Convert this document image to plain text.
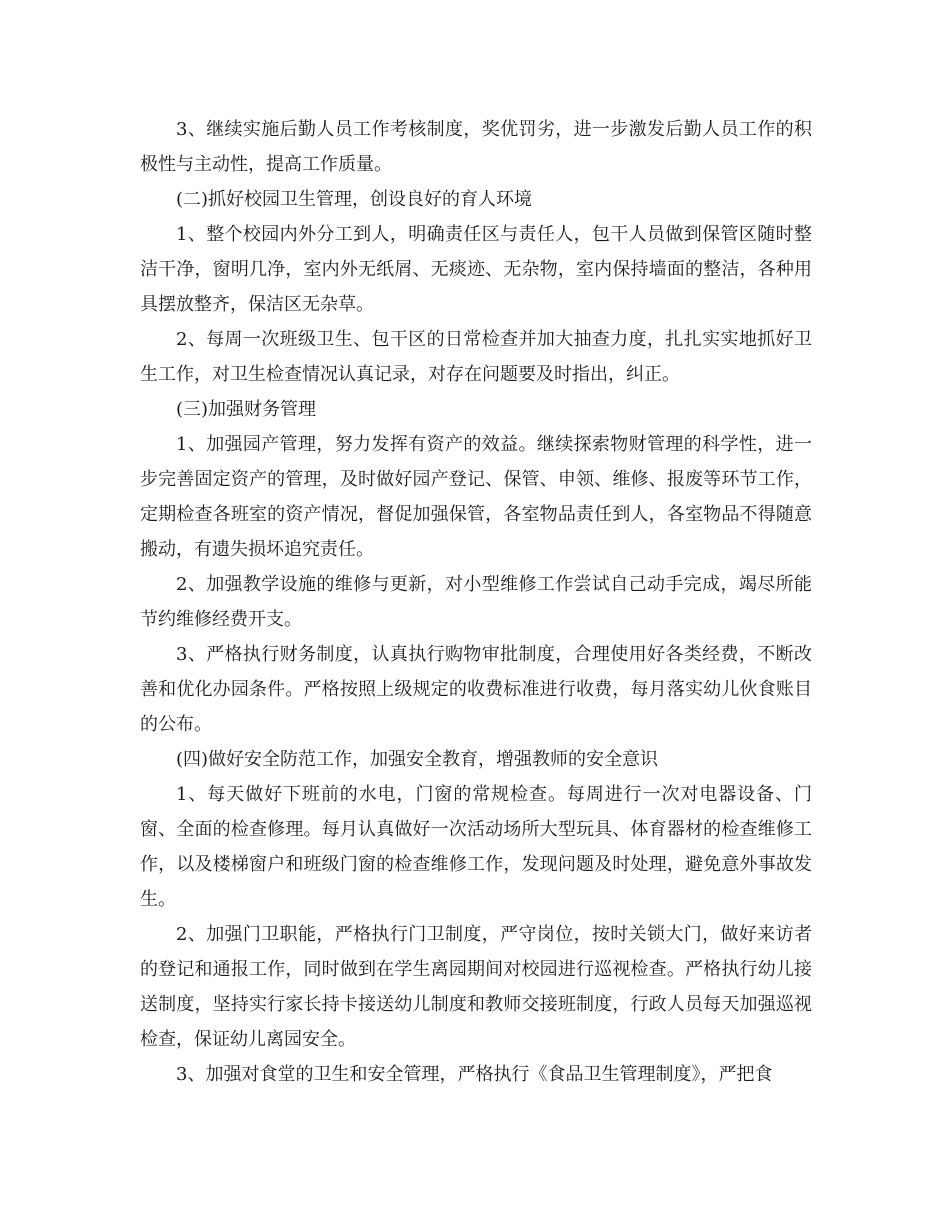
3、继续实施后勤人员工作考核制度，奖优罚劣，进一步激发后勤人员工作的积极性与主动性，提高工作质量。

(二)抓好校园卫生管理，创设良好的育人环境

1、整个校园内外分工到人，明确责任区与责任人，包干人员做到保管区随时整洁干净，窗明几净，室内外无纸屑、无痰迹、无杂物，室内保持墙面的整洁，各种用具摆放整齐，保洁区无杂草。

2、每周一次班级卫生、包干区的日常检查并加大抽查力度，扎扎实实地抓好卫生工作，对卫生检查情况认真记录，对存在问题要及时指出，纠正。

(三)加强财务管理

1、加强园产管理，努力发挥有资产的效益。继续探索物财管理的科学性，进一步完善固定资产的管理，及时做好园产登记、保管、申领、维修、报废等环节工作，定期检查各班室的资产情况，督促加强保管，各室物品责任到人，各室物品不得随意搬动，有遗失损坏追究责任。

2、加强教学设施的维修与更新，对小型维修工作尝试自己动手完成，竭尽所能节约维修经费开支。

3、严格执行财务制度，认真执行购物审批制度，合理使用好各类经费，不断改善和优化办园条件。严格按照上级规定的收费标准进行收费，每月落实幼儿伙食账目的公布。

(四)做好安全防范工作，加强安全教育，增强教师的安全意识

1、每天做好下班前的水电，门窗的常规检查。每周进行一次对电器设备、门窗、全面的检查修理。每月认真做好一次活动场所大型玩具、体育器材的检查维修工作，以及楼梯窗户和班级门窗的检查维修工作，发现问题及时处理，避免意外事故发生。

2、加强门卫职能，严格执行门卫制度，严守岗位，按时关锁大门，做好来访者的登记和通报工作，同时做到在学生离园期间对校园进行巡视检查。严格执行幼儿接送制度，坚持实行家长持卡接送幼儿制度和教师交接班制度，行政人员每天加强巡视检查，保证幼儿离园安全。

3、加强对食堂的卫生和安全管理，严格执行《食品卫生管理制度》，严把食
